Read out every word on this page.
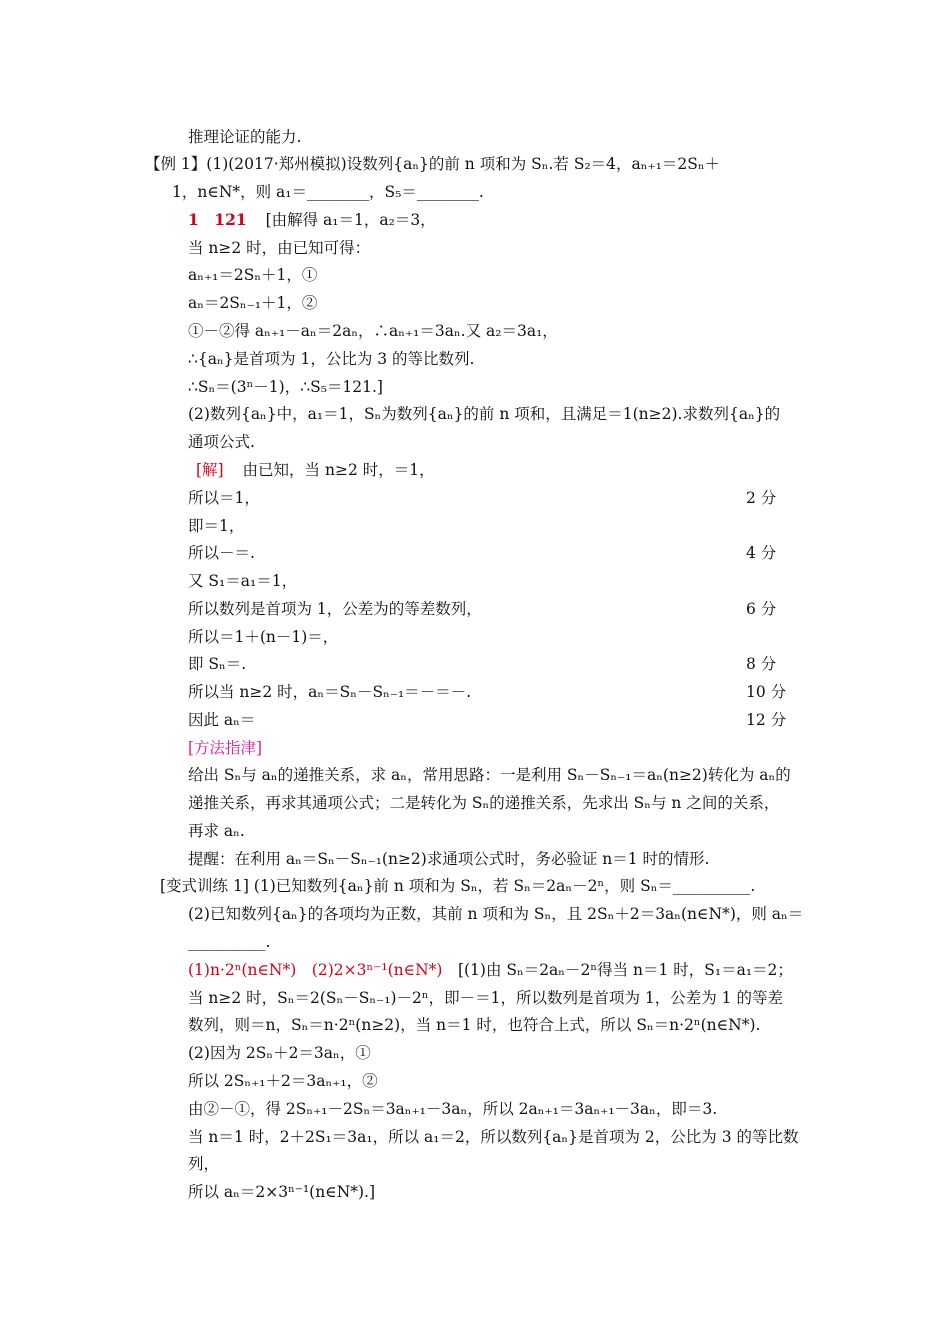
推理论证的能力.
【例 1】(1)(2017·郑州模拟)设数列{aₙ}的前 n 项和为 Sₙ.若 S₂＝4，aₙ₊₁＝2Sₙ＋
1，n∈N*，则 a₁＝________，S₅＝________.
1　121 [由解得 a₁＝1，a₂＝3，
当 n≥2 时，由已知可得：
aₙ₊₁＝2Sₙ＋1，①
aₙ＝2Sₙ₋₁＋1，②
①－②得 aₙ₊₁－aₙ＝2aₙ，∴aₙ₊₁＝3aₙ.又 a₂＝3a₁，
∴{aₙ}是首项为 1，公比为 3 的等比数列.
∴Sₙ＝(3ⁿ－1)，∴S₅＝121.]
(2)数列{aₙ}中，a₁＝1，Sₙ为数列{aₙ}的前 n 项和，且满足＝1(n≥2).求数列{aₙ}的
通项公式.
[解] 由已知，当 n≥2 时，＝1，
所以＝1，	2 分
即＝1，
所以－＝.	4 分
又 S₁＝a₁＝1，
所以数列是首项为 1，公差为的等差数列，	6 分
所以＝1＋(n－1)＝，
即 Sₙ＝.	8 分
所以当 n≥2 时，aₙ＝Sₙ－Sₙ₋₁＝－＝－.	10 分
因此 aₙ＝	12 分
[方法指津]
给出 Sₙ与 aₙ的递推关系，求 aₙ，常用思路：一是利用 Sₙ－Sₙ₋₁＝aₙ(n≥2)转化为 aₙ的
递推关系，再求其通项公式；二是转化为 Sₙ的递推关系，先求出 Sₙ与 n 之间的关系，
再求 aₙ.
提醒：在利用 aₙ＝Sₙ－Sₙ₋₁(n≥2)求通项公式时，务必验证 n＝1 时的情形.
[变式训练 1] (1)已知数列{aₙ}前 n 项和为 Sₙ，若 Sₙ＝2aₙ－2ⁿ，则 Sₙ＝__________.
(2)已知数列{aₙ}的各项均为正数，其前 n 项和为 Sₙ，且 2Sₙ＋2＝3aₙ(n∈N*)，则 aₙ＝
__________.
(1)n·2ⁿ(n∈N*)　(2)2×3ⁿ⁻¹(n∈N*)　[(1)由 Sₙ＝2aₙ－2ⁿ得当 n＝1 时，S₁＝a₁＝2；
当 n≥2 时，Sₙ＝2(Sₙ－Sₙ₋₁)－2ⁿ，即－＝1，所以数列是首项为 1，公差为 1 的等差
数列，则＝n，Sₙ＝n·2ⁿ(n≥2)，当 n＝1 时，也符合上式，所以 Sₙ＝n·2ⁿ(n∈N*).
(2)因为 2Sₙ＋2＝3aₙ，①
所以 2Sₙ₊₁＋2＝3aₙ₊₁，②
由②－①，得 2Sₙ₊₁－2Sₙ＝3aₙ₊₁－3aₙ，所以 2aₙ₊₁＝3aₙ₊₁－3aₙ，即＝3.
当 n＝1 时，2＋2S₁＝3a₁，所以 a₁＝2，所以数列{aₙ}是首项为 2，公比为 3 的等比数
列，
所以 aₙ＝2×3ⁿ⁻¹(n∈N*).]
